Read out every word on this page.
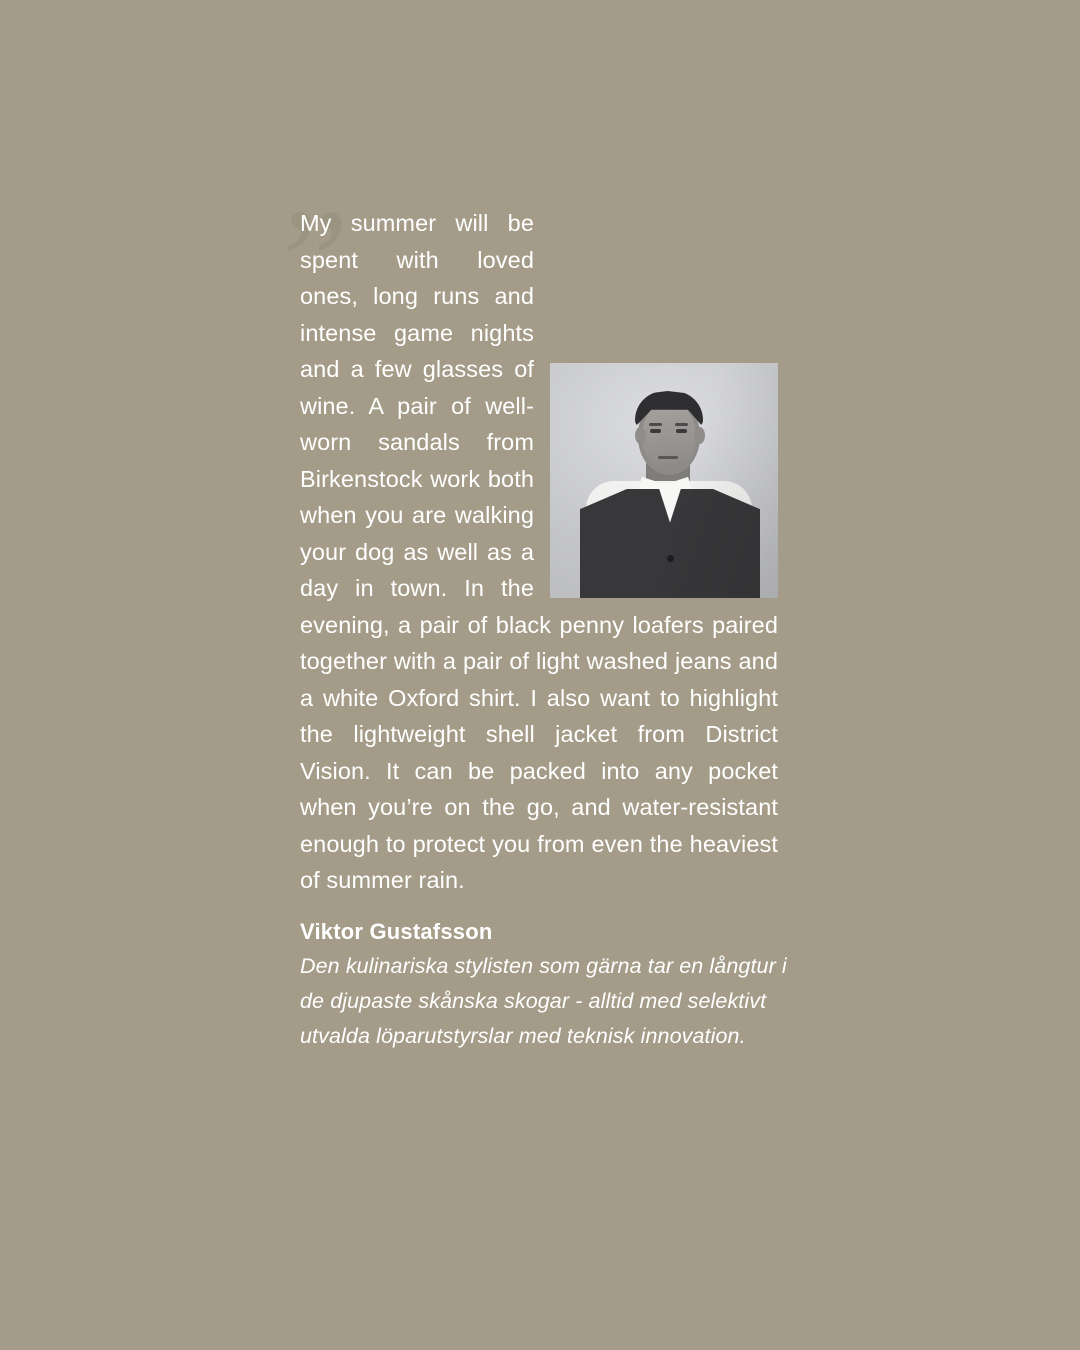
”

My summer will be spent with loved ones, long runs and intense game nights and a few glasses of wine. A pair of well-worn sandals from Birkenstock work both when you are walking your dog as well as a day in town. In the evening, a pair of black penny loafers paired together with a pair of light washed jeans and a white Oxford shirt. I also want to highlight the lightweight shell jacket from District Vision. It can be packed into any pocket when you’re on the go, and water-resistant enough to protect you from even the heaviest of summer rain.

Viktor Gustafsson
Den kulinariska stylisten som gärna tar en långtur i de djupaste skånska skogar - alltid med selektivt utvalda löparutstyrslar med teknisk innovation.
